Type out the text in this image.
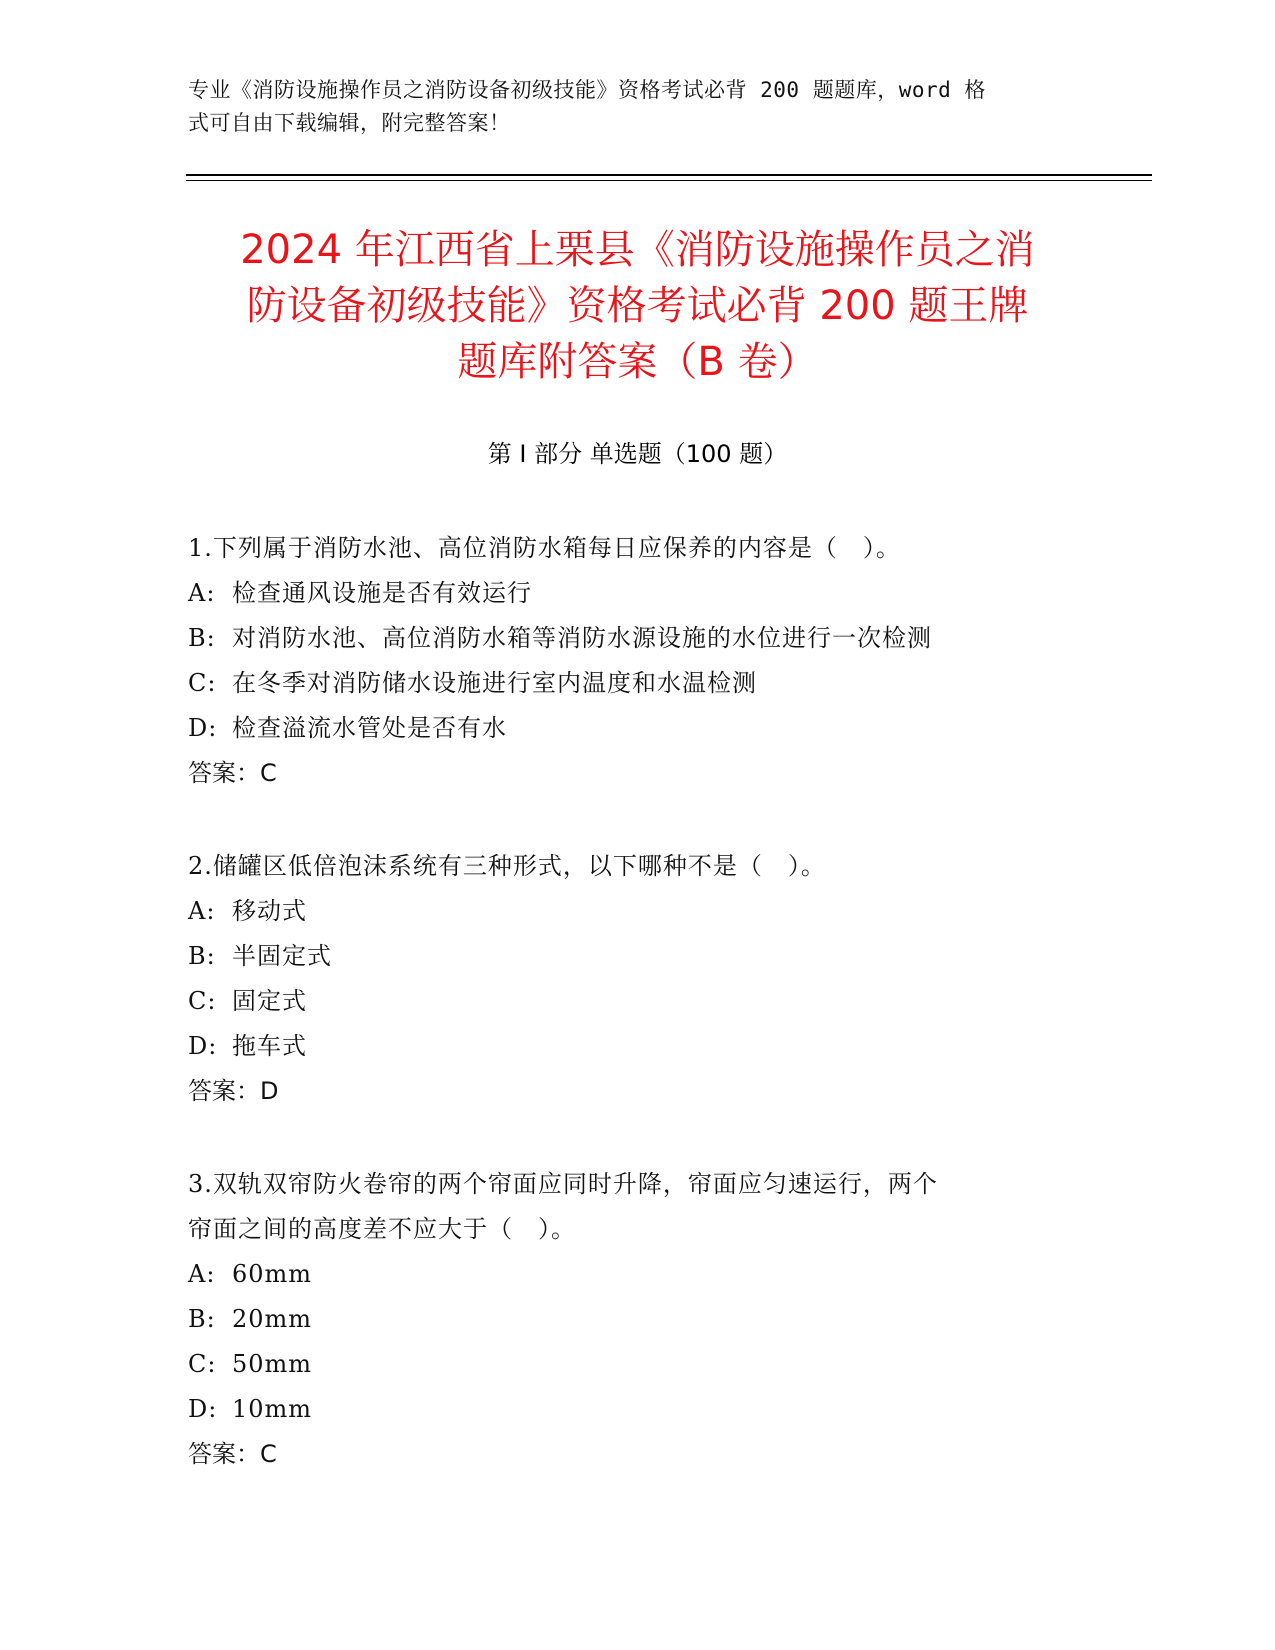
专业《消防设施操作员之消防设备初级技能》资格考试必背 200 题题库，word 格
式可自由下载编辑，附完整答案！
2024 年江西省上栗县《消防设施操作员之消
防设备初级技能》资格考试必背 200 题王牌
题库附答案（B 卷）
第 I 部分 单选题（100 题）
1.下列属于消防水池、高位消防水箱每日应保养的内容是（　）。
A: 检查通风设施是否有效运行
B: 对消防水池、高位消防水箱等消防水源设施的水位进行一次检测
C: 在冬季对消防储水设施进行室内温度和水温检测
D: 检查溢流水管处是否有水
答案：C
2.储罐区低倍泡沫系统有三种形式，以下哪种不是（　）。
A: 移动式
B: 半固定式
C: 固定式
D: 拖车式
答案：D
3.双轨双帘防火卷帘的两个帘面应同时升降，帘面应匀速运行，两个
帘面之间的高度差不应大于（　）。
A: 60mm
B: 20mm
C: 50mm
D: 10mm
答案：C
